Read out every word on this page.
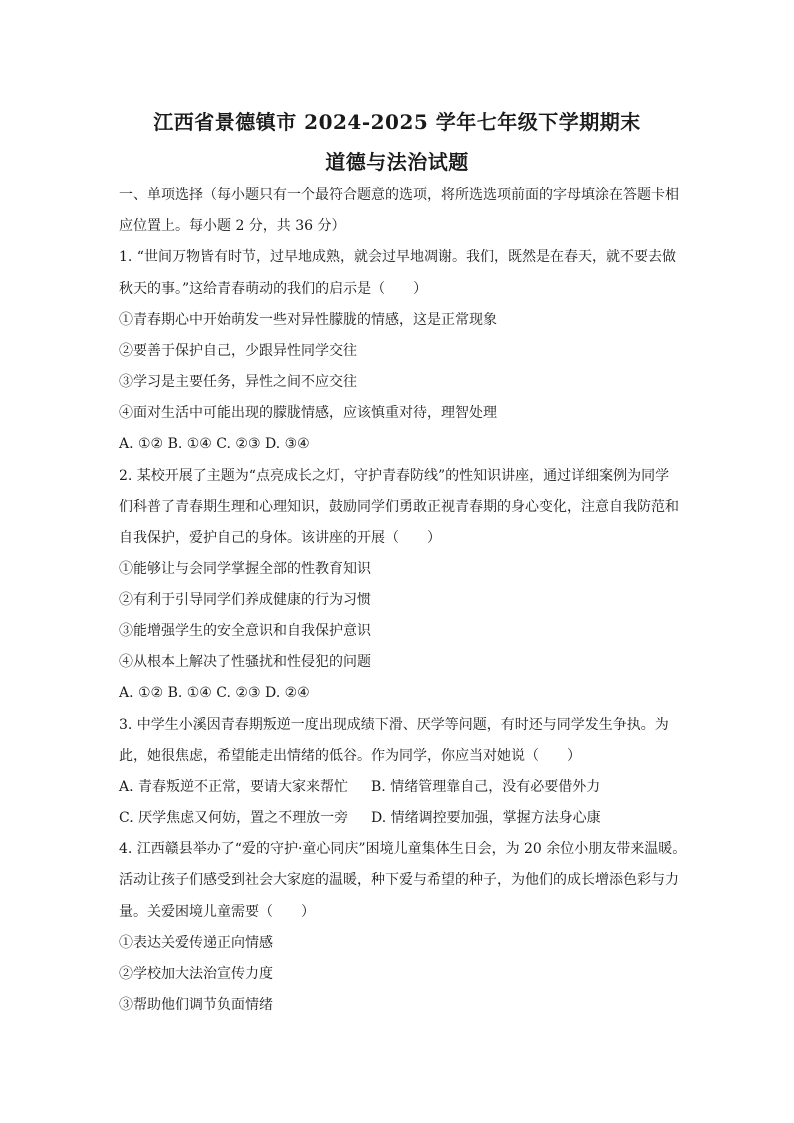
江西省景德镇市 2024-2025 学年七年级下学期期末
道德与法治试题
一、单项选择（每小题只有一个最符合题意的选项，将所选选项前面的字母填涂在答题卡相
应位置上。每小题 2 分，共 36 分）
1. “世间万物皆有时节，过早地成熟，就会过早地凋谢。我们，既然是在春天，就不要去做
秋天的事。”这给青春萌动的我们的启示是（　　）
①青春期心中开始萌发一些对异性朦胧的情感，这是正常现象
②要善于保护自己，少跟异性同学交往
③学习是主要任务，异性之间不应交往
④面对生活中可能出现的朦胧情感，应该慎重对待，理智处理
A. ①② B. ①④ C. ②③ D. ③④
2. 某校开展了主题为“点亮成长之灯，守护青春防线”的性知识讲座，通过详细案例为同学
们科普了青春期生理和心理知识，鼓励同学们勇敢正视青春期的身心变化，注意自我防范和
自我保护，爱护自己的身体。该讲座的开展（　　）
①能够让与会同学掌握全部的性教育知识
②有利于引导同学们养成健康的行为习惯
③能增强学生的安全意识和自我保护意识
④从根本上解决了性骚扰和性侵犯的问题
A. ①② B. ①④ C. ②③ D. ②④
3. 中学生小溪因青春期叛逆一度出现成绩下滑、厌学等问题，有时还与同学发生争执。为
此，她很焦虑，希望能走出情绪的低谷。作为同学，你应当对她说（　　）
A. 青春叛逆不正常，要请大家来帮忙 B. 情绪管理靠自己，没有必要借外力
C. 厌学焦虑又何妨，置之不理放一旁 D. 情绪调控要加强，掌握方法身心康
4. 江西赣县举办了“爱的守护·童心同庆”困境儿童集体生日会，为 20 余位小朋友带来温暖。
活动让孩子们感受到社会大家庭的温暖，种下爱与希望的种子，为他们的成长增添色彩与力
量。关爱困境儿童需要（　　）
①表达关爱传递正向情感
②学校加大法治宣传力度
③帮助他们调节负面情绪
